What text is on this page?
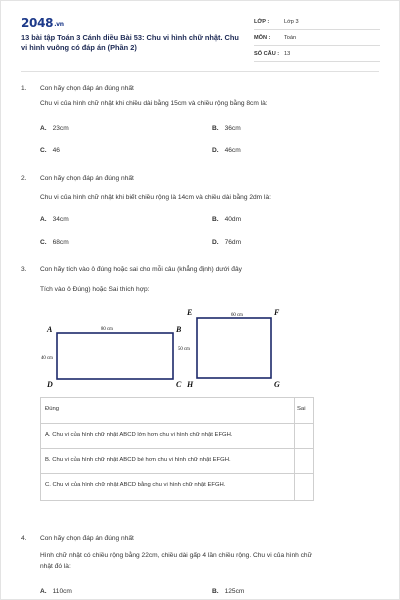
2048.vn
13 bài tập Toán 3 Cánh diều Bài 53: Chu vi hình chữ nhật. Chu vi hình vuông có đáp án (Phần 2)
LỚP :	Lớp 3
MÔN : Toán
SỐ CÂU : 13
1. Con hãy chọn đáp án đúng nhất
Chu vi của hình chữ nhật khi chiều dài bằng 15cm và chiều rộng bằng 8cm là:
A. 23cm	B. 36cm
C. 46	D. 46cm
2. Con hãy chọn đáp án đúng nhất
Chu vi của hình chữ nhật khi biết chiều rộng là 14cm và chiều dài bằng 2dm là:
A. 34cm	B. 40dm
C. 68cm	D. 76dm
3. Con hãy tích vào ô đúng hoặc sai cho mỗi câu (khẳng định) dưới đây
Tích vào ô Đúng) hoặc Sai thích hợp:
A	B
C
D
80 cm
40 cm
E	F
G
H
60 cm
50 cm
Đúng	Sai
A. Chu vi của hình chữ nhật ABCD lớn hơn chu vi hình chữ nhật EFGH.
B. Chu vi của hình chữ nhật ABCD bé hơn chu vi hình chữ nhật EFGH.
C. Chu vi của hình chữ nhật ABCD bằng chu vi hình chữ nhật EFGH.
4. Con hãy chọn đáp án đúng nhất
Hình chữ nhật có chiều rộng bằng 22cm, chiều dài gấp 4 lần chiều rộng. Chu vi của hình chữ
nhật đó là:
A. 110cm	B. 125cm
